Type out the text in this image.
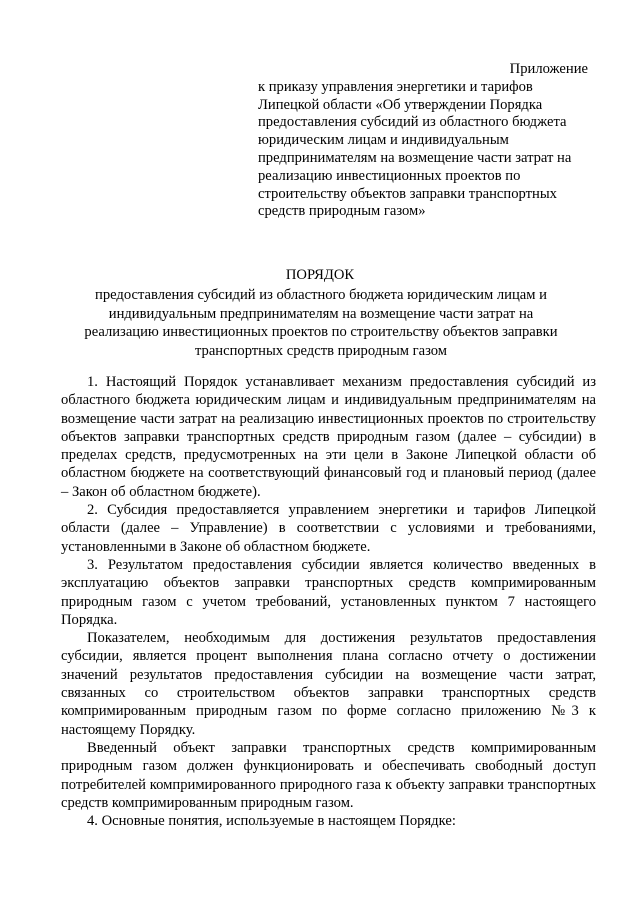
Приложение
к приказу управления энергетики и тарифов Липецкой области «Об утверждении Порядка предоставления субсидий из областного бюджета юридическим лицам и индивидуальным предпринимателям на возмещение части затрат на реализацию инвестиционных проектов по строительству объектов заправки транспортных средств природным газом»
ПОРЯДОК
предоставления субсидий из областного бюджета юридическим лицам и индивидуальным предпринимателям на возмещение части затрат на реализацию инвестиционных проектов по строительству объектов заправки транспортных средств природным газом

1. Настоящий Порядок устанавливает механизм предоставления субсидий из областного бюджета юридическим лицам и индивидуальным предпринимателям на возмещение части затрат на реализацию инвестиционных проектов по строительству объектов заправки транспортных средств природным газом (далее – субсидии) в пределах средств, предусмотренных на эти цели в Законе Липецкой области об областном бюджете на соответствующий финансовый год и плановый период (далее – Закон об областном бюджете).

2. Субсидия предоставляется управлением энергетики и тарифов Липецкой области (далее – Управление) в соответствии с условиями и требованиями, установленными в Законе об областном бюджете.

3. Результатом предоставления субсидии является количество введенных в эксплуатацию объектов заправки транспортных средств компримированным природным газом с учетом требований, установленных пунктом 7 настоящего Порядка.

Показателем, необходимым для достижения результатов предоставления субсидии, является процент выполнения плана согласно отчету о достижении значений результатов предоставления субсидии на возмещение части затрат, связанных со строительством объектов заправки транспортных средств компримированным природным газом по форме согласно приложению №3 к настоящему Порядку.

Введенный объект заправки транспортных средств компримированным природным газом должен функционировать и обеспечивать свободный доступ потребителей компримированного природного газа к объекту заправки транспортных средств компримированным природным газом.

4. Основные понятия, используемые в настоящем Порядке:
